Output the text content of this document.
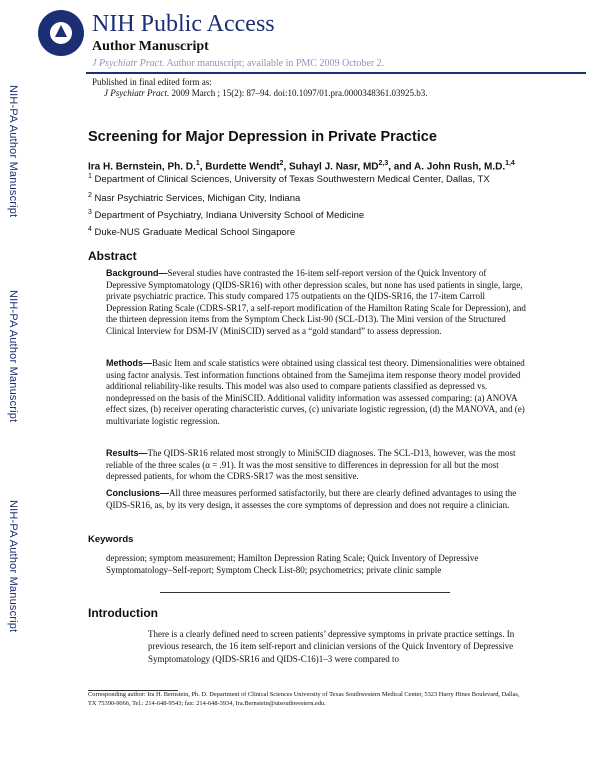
NIH-PA Author Manuscript
NIH-PA Author Manuscript
NIH-PA Author Manuscript
NIH Public Access
Author Manuscript
J Psychiatr Pract. Author manuscript; available in PMC 2009 October 2.
Published in final edited form as:
J Psychiatr Pract. 2009 March ; 15(2): 87–94. doi:10.1097/01.pra.0000348361.03925.b3.
Screening for Major Depression in Private Practice
Ira H. Bernstein, Ph. D.$^1$, Burdette Wendt$^2$, Suhayl J. Nasr, MD$^{2,3}$, and A. John Rush, M.D.$^{1,4}$
$^1$ Department of Clinical Sciences, University of Texas Southwestern Medical Center, Dallas, TX
$^2$ Nasr Psychiatric Services, Michigan City, Indiana
$^3$ Department of Psychiatry, Indiana University School of Medicine
$^4$ Duke-NUS Graduate Medical School Singapore
Abstract
Background—Several studies have contrasted the 16-item self-report version of the Quick Inventory of Depressive Symptomatology (QIDS-SR16) with other depression scales, but none has used patients in single, large, private psychiatric practice. This study compared 175 outpatients on the QIDS-SR16, the 17-item Carroll Depression Rating Scale (CDRS-SR17, a self-report modification of the Hamilton Rating Scale for Depression), and the thirteen depression items from the Symptom Check List-90 (SCL-D13). The Mini version of the Structured Clinical Interview for DSM-IV (MiniSCID) served as a “gold standard” to assess depression.
Methods—Basic Item and scale statistics were obtained using classical test theory. Dimensionalities were obtained using factor analysis. Test information functions obtained from the Samejima item response theory model provided additional reliability-like results. This model was also used to compare patients classified as depressed vs. nondepressed on the basis of the MiniSCID. Additional validity information was assessed comparing: (a) ANOVA effect sizes, (b) receiver operating characteristic curves, (c) univariate logistic regression, (d) the MANOVA, and (e) multivariate logistic regression.
Results—The QIDS-SR16 related most strongly to MiniSCID diagnoses. The SCL-D13, however, was the most reliable of the three scales (α = .91). It was the most sensitive to differences in depression for all but the most depressed patients, for whom the CDRS-SR17 was the most sensitive.
Conclusions—All three measures performed satisfactorily, but there are clearly defined advantages to using the QIDS-SR16, as, by its very design, it assesses the core symptoms of depression and does not require a clinician.
Keywords
depression; symptom measurement; Hamilton Depression Rating Scale; Quick Inventory of Depressive Symptomatology–Self-report; Symptom Check List-80; psychometrics; private clinic sample
Introduction
There is a clearly defined need to screen patients’ depressive symptoms in private practice settings. In previous research, the 16 item self-report and clinician versions of the Quick Inventory of Depressive Symptomatology (QIDS-SR16 and QIDS-C16)1–3 were compared to
Corresponding author: Ira H. Bernstein, Ph. D. Department of Clinical Sciences University of Texas Southwestern Medical Center, 5323 Harry Hines Boulevard, Dallas, TX 75390-9066, Tel.: 214-648-9543; fax: 214-648-3934, Ira.Bernstein@utsouthwestern.edu.
